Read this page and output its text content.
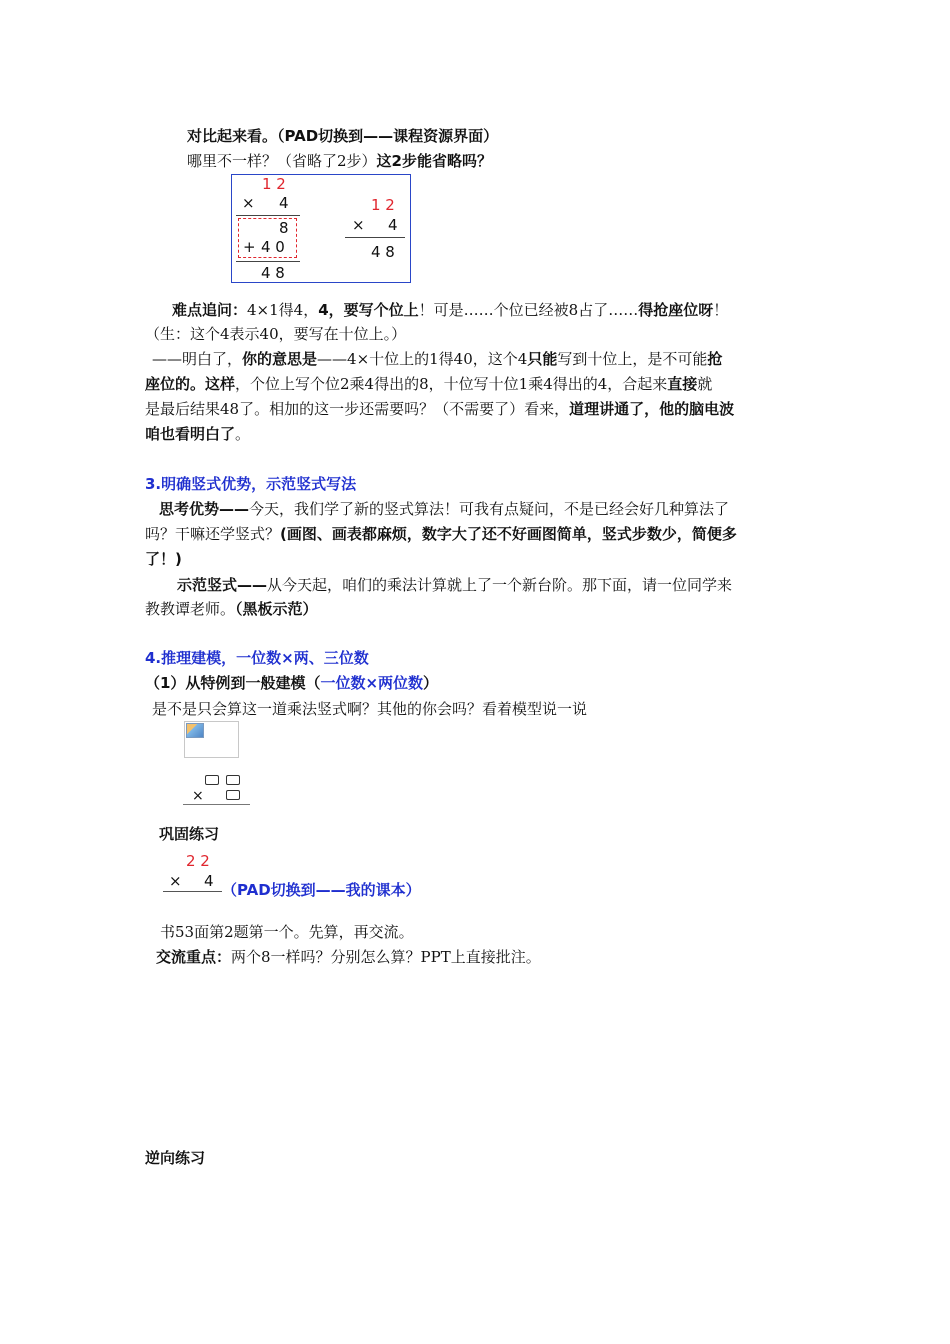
对比起来看。（PAD切换到——课程资源界面）
哪里不一样？（省略了2步）这2步能省略吗？
1 2
× 4
8
+ 4 0
4 8
1 2
× 4
4 8
难点追问：4×1得4，4，要写个位上！可是……个位已经被8占了……得抢座位呀！
（生：这个4表示40，要写在十位上。）
——明白了，你的意思是——4×十位上的1得40，这个4只能写到十位上，是不可能抢
座位的。这样，个位上写个位2乘4得出的8，十位写十位1乘4得出的4，合起来直接就
是最后结果48了。相加的这一步还需要吗？（不需要了）看来，道理讲通了，他的脑电波
咱也看明白了。
3.明确竖式优势，示范竖式写法
思考优势——今天，我们学了新的竖式算法！可我有点疑问，不是已经会好几种算法了
吗？干嘛还学竖式？(画图、画表都麻烦，数字大了还不好画图简单，竖式步数少，简便多
了！)
示范竖式——从今天起，咱们的乘法计算就上了一个新台阶。那下面，请一位同学来
教教谭老师。（黑板示范）
4.推理建模，一位数×两、三位数
（1）从特例到一般建模（一位数×两位数）
是不是只会算这一道乘法竖式啊？其他的你会吗？看着模型说一说
×
巩固练习
2 2
× 4 （PAD切换到——我的课本）
书53面第2题第一个。先算，再交流。
交流重点：两个8一样吗？分别怎么算？PPT上直接批注。
逆向练习
